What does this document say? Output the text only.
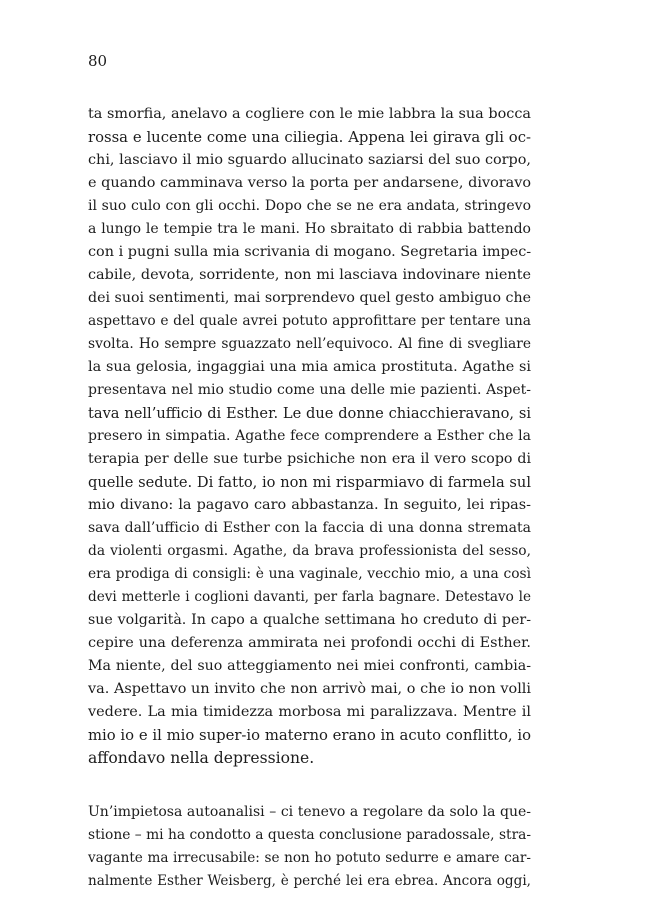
80

ta smorfia, anelavo a cogliere con le mie labbra la sua bocca

rossa e lucente come una ciliegia. Appena lei girava gli oc-

chi, lasciavo il mio sguardo allucinato saziarsi del suo corpo,

e quando camminava verso la porta per andarsene, divoravo

il suo culo con gli occhi. Dopo che se ne era andata, stringevo

a lungo le tempie tra le mani. Ho sbraitato di rabbia battendo

con i pugni sulla mia scrivania di mogano. Segretaria impec-

cabile, devota, sorridente, non mi lasciava indovinare niente

dei suoi sentimenti, mai sorprendevo quel gesto ambiguo che

aspettavo e del quale avrei potuto approfittare per tentare una

svolta. Ho sempre sguazzato nell’equivoco. Al fine di svegliare

la sua gelosia, ingaggiai una mia amica prostituta. Agathe si

presentava nel mio studio come una delle mie pazienti. Aspet-

tava nell’ufficio di Esther. Le due donne chiacchieravano, si

presero in simpatia. Agathe fece comprendere a Esther che la

terapia per delle sue turbe psichiche non era il vero scopo di

quelle sedute. Di fatto, io non mi risparmiavo di farmela sul

mio divano: la pagavo caro abbastanza. In seguito, lei ripas-

sava dall’ufficio di Esther con la faccia di una donna stremata

da violenti orgasmi. Agathe, da brava professionista del sesso,

era prodiga di consigli: è una vaginale, vecchio mio, a una così

devi metterle i coglioni davanti, per farla bagnare. Detestavo le

sue volgarità. In capo a qualche settimana ho creduto di per-

cepire una deferenza ammirata nei profondi occhi di Esther.

Ma niente, del suo atteggiamento nei miei confronti, cambia-

va. Aspettavo un invito che non arrivò mai, o che io non volli

vedere. La mia timidezza morbosa mi paralizzava. Mentre il

mio io e il mio super-io materno erano in acuto conflitto, io

affondavo nella depressione.

Un’impietosa autoanalisi – ci tenevo a regolare da solo la que-

stione – mi ha condotto a questa conclusione paradossale, stra-

vagante ma irrecusabile: se non ho potuto sedurre e amare car-

nalmente Esther Weisberg, è perché lei era ebrea. Ancora oggi,
